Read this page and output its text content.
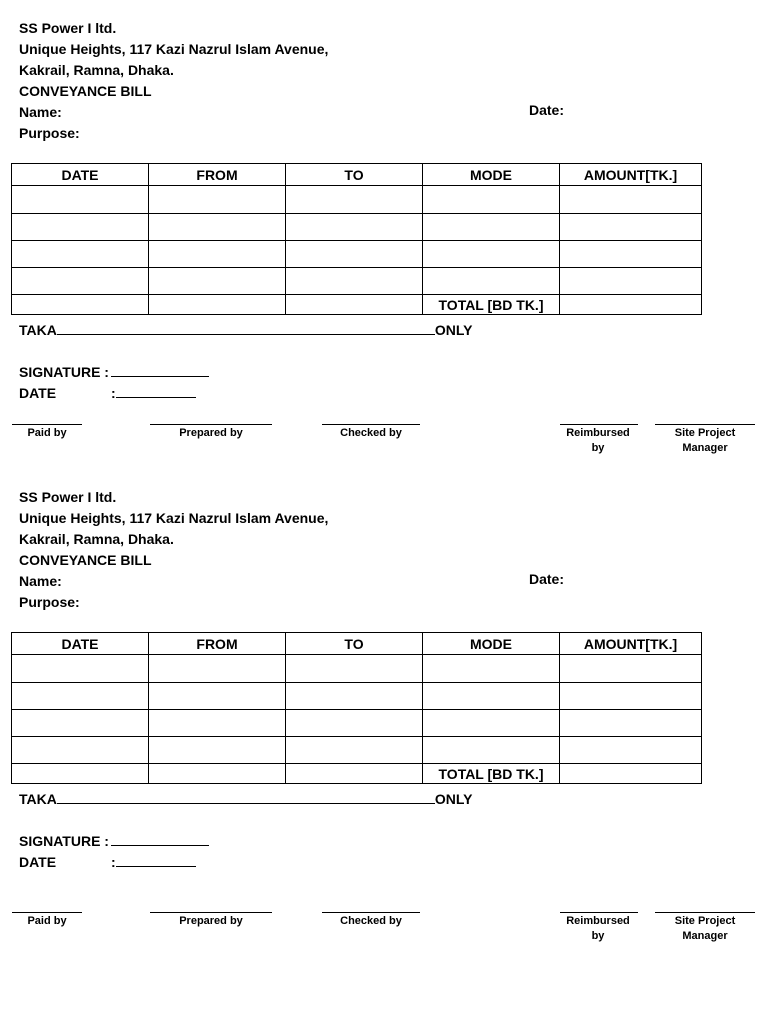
SS Power I ltd.
Unique Heights, 117 Kazi Nazrul Islam Avenue,
Kakrail, Ramna, Dhaka.
CONVEYANCE BILL
Name:
Purpose:
Date:
DATE	FROM	TO	MODE	AMOUNT[TK.]

			TOTAL [BD TK.]	
TAKA	ONLY
SIGNATURE :
DATE	:
Paid by	Prepared by	Checked by	Reimbursed
by
Site Project
Manager
SS Power I ltd.
Unique Heights, 117 Kazi Nazrul Islam Avenue,
Kakrail, Ramna, Dhaka.
CONVEYANCE BILL
Name:
Purpose:
Date:
DATE	FROM	TO	MODE	AMOUNT[TK.]

			TOTAL [BD TK.]	
TAKA	ONLY
SIGNATURE :
DATE	:
Paid by	Prepared by	Checked by	Reimbursed
by
Site Project
Manager
